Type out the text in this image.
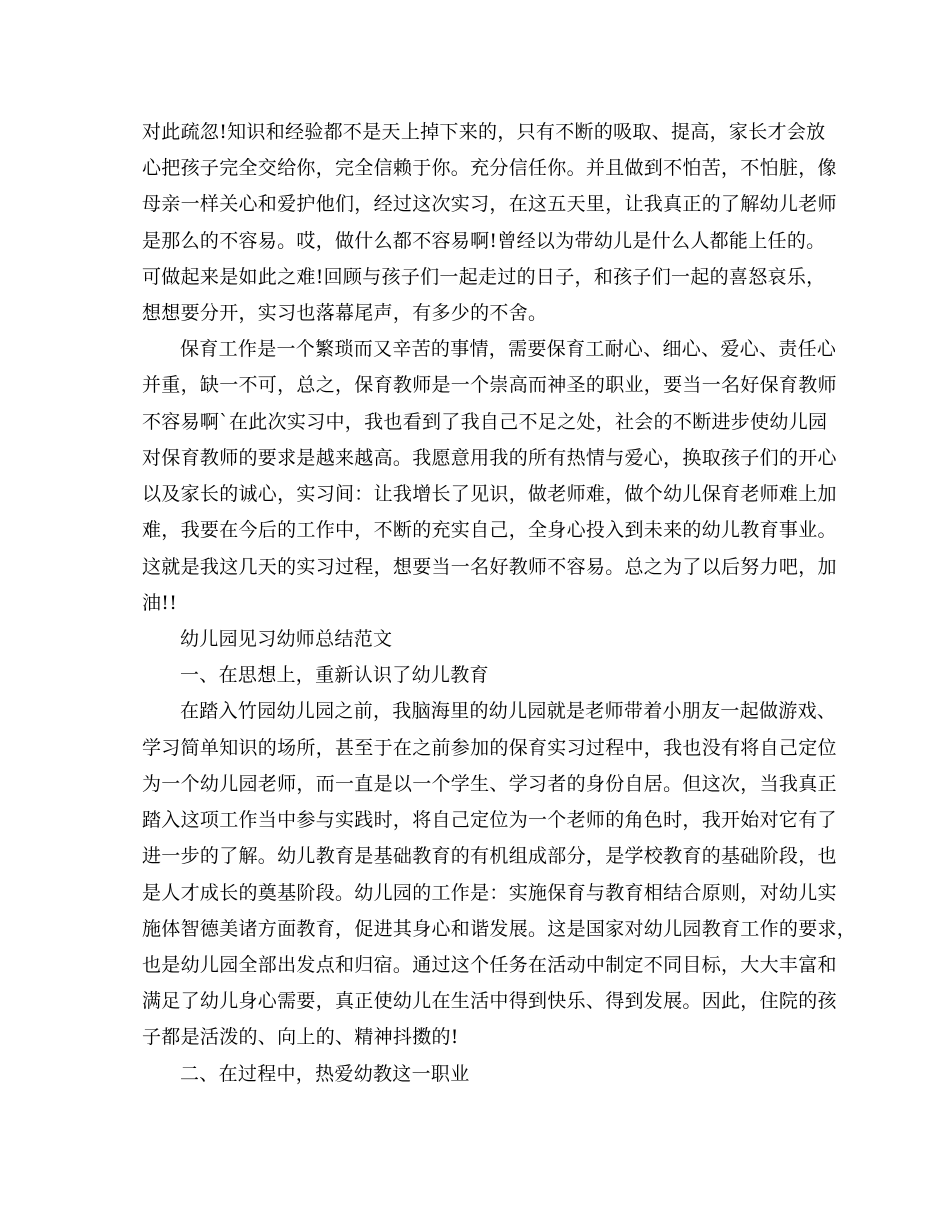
对此疏忽!知识和经验都不是天上掉下来的，只有不断的吸取、提高，家长才会放
心把孩子完全交给你，完全信赖于你。充分信任你。并且做到不怕苦，不怕脏，像
母亲一样关心和爱护他们，经过这次实习，在这五天里，让我真正的了解幼儿老师
是那么的不容易。哎，做什么都不容易啊!曾经以为带幼儿是什么人都能上任的。
可做起来是如此之难!回顾与孩子们一起走过的日子，和孩子们一起的喜怒哀乐，
想想要分开，实习也落幕尾声，有多少的不舍。
保育工作是一个繁琐而又辛苦的事情，需要保育工耐心、细心、爱心、责任心
并重，缺一不可，总之，保育教师是一个崇高而神圣的职业，要当一名好保育教师
不容易啊`在此次实习中，我也看到了我自己不足之处，社会的不断进步使幼儿园
对保育教师的要求是越来越高。我愿意用我的所有热情与爱心，换取孩子们的开心
以及家长的诚心，实习间：让我增长了见识，做老师难，做个幼儿保育老师难上加
难，我要在今后的工作中，不断的充实自己，全身心投入到未来的幼儿教育事业。
这就是我这几天的实习过程，想要当一名好教师不容易。总之为了以后努力吧，加
油!!
幼儿园见习幼师总结范文
一、在思想上，重新认识了幼儿教育
在踏入竹园幼儿园之前，我脑海里的幼儿园就是老师带着小朋友一起做游戏、
学习简单知识的场所，甚至于在之前参加的保育实习过程中，我也没有将自己定位
为一个幼儿园老师，而一直是以一个学生、学习者的身份自居。但这次，当我真正
踏入这项工作当中参与实践时，将自己定位为一个老师的角色时，我开始对它有了
进一步的了解。幼儿教育是基础教育的有机组成部分，是学校教育的基础阶段，也
是人才成长的奠基阶段。幼儿园的工作是：实施保育与教育相结合原则，对幼儿实
施体智德美诸方面教育，促进其身心和谐发展。这是国家对幼儿园教育工作的要求，
也是幼儿园全部出发点和归宿。通过这个任务在活动中制定不同目标，大大丰富和
满足了幼儿身心需要，真正使幼儿在生活中得到快乐、得到发展。因此，住院的孩
子都是活泼的、向上的、精神抖擞的!
二、在过程中，热爱幼教这一职业
